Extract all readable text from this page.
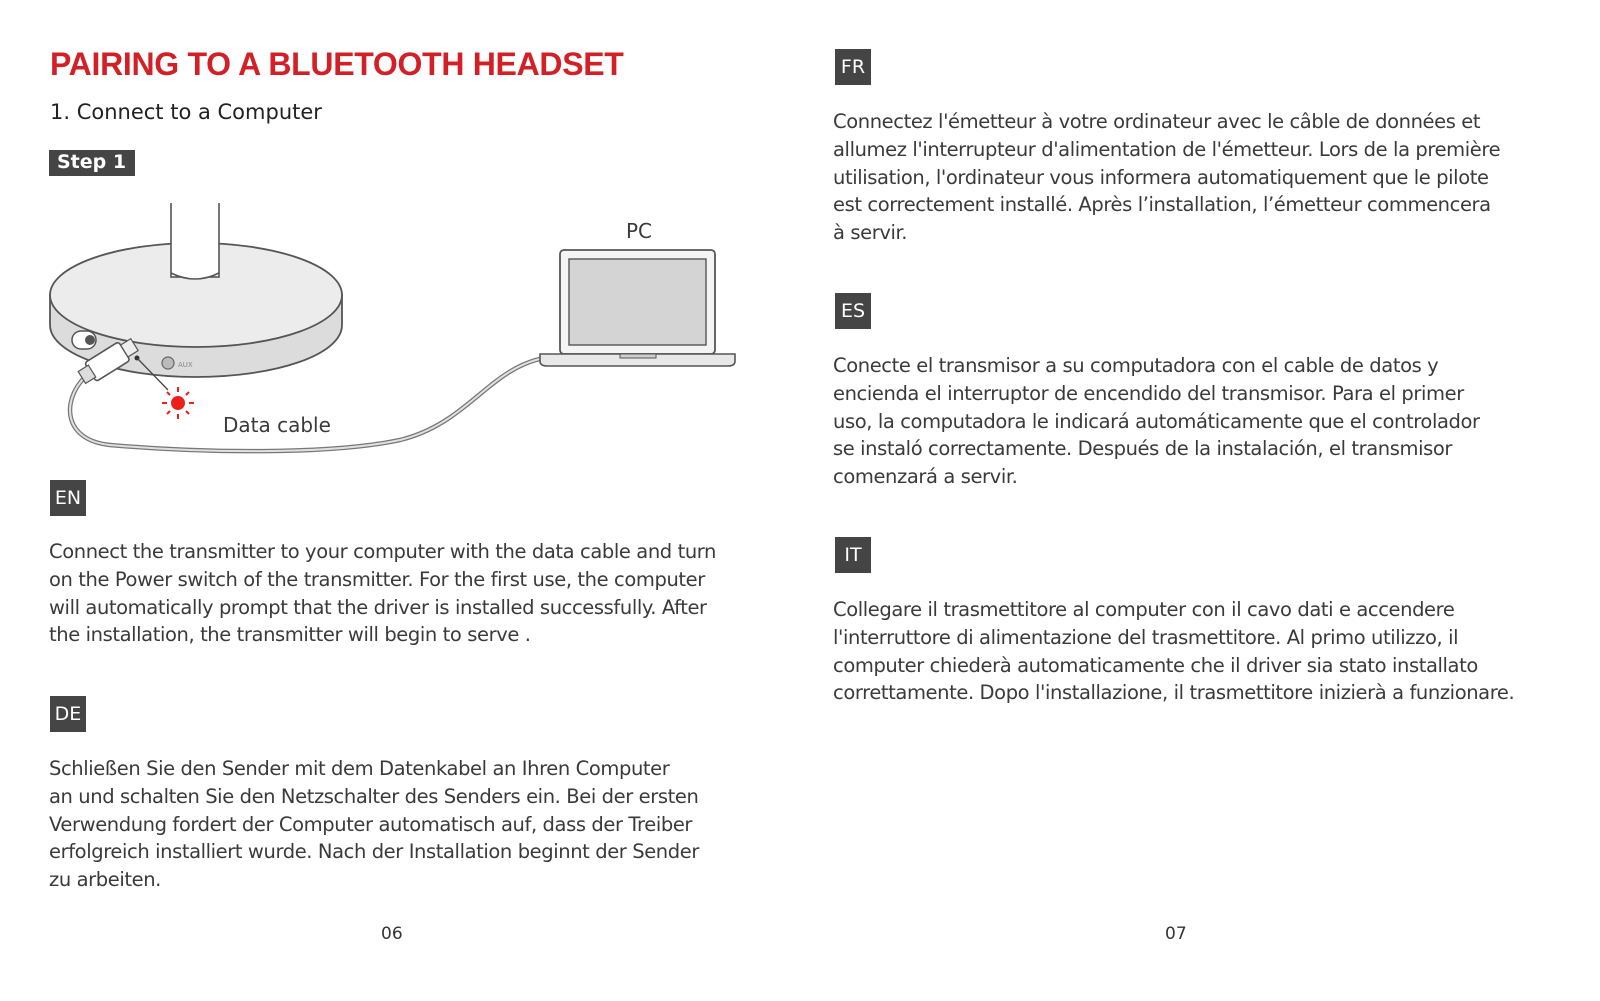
PAIRING TO A BLUETOOTH HEADSET
1. Connect to a Computer
Step 1
AUX
PC
Data cable
EN

Connect the transmitter to your computer with the data cable and turn
on the Power switch of the transmitter. For the first use, the computer
will automatically prompt that the driver is installed successfully. After
the installation, the transmitter will begin to serve .

DE

Schließen Sie den Sender mit dem Datenkabel an Ihren Computer
an und schalten Sie den Netzschalter des Senders ein. Bei der ersten
Verwendung fordert der Computer automatisch auf, dass der Treiber
erfolgreich installiert wurde. Nach der Installation beginnt der Sender
zu arbeiten.

06
FR

Connectez l'émetteur à votre ordinateur avec le câble de données et
allumez l'interrupteur d'alimentation de l'émetteur. Lors de la première
utilisation, l'ordinateur vous informera automatiquement que le pilote
est correctement installé. Après l’installation, l’émetteur commencera
à servir.

ES

Conecte el transmisor a su computadora con el cable de datos y
encienda el interruptor de encendido del transmisor. Para el primer
uso, la computadora le indicará automáticamente que el controlador
se instaló correctamente. Después de la instalación, el transmisor
comenzará a servir.

IT

Collegare il trasmettitore al computer con il cavo dati e accendere
l'interruttore di alimentazione del trasmettitore. Al primo utilizzo, il
computer chiederà automaticamente che il driver sia stato installato
correttamente. Dopo l'installazione, il trasmettitore inizierà a funzionare.

07
